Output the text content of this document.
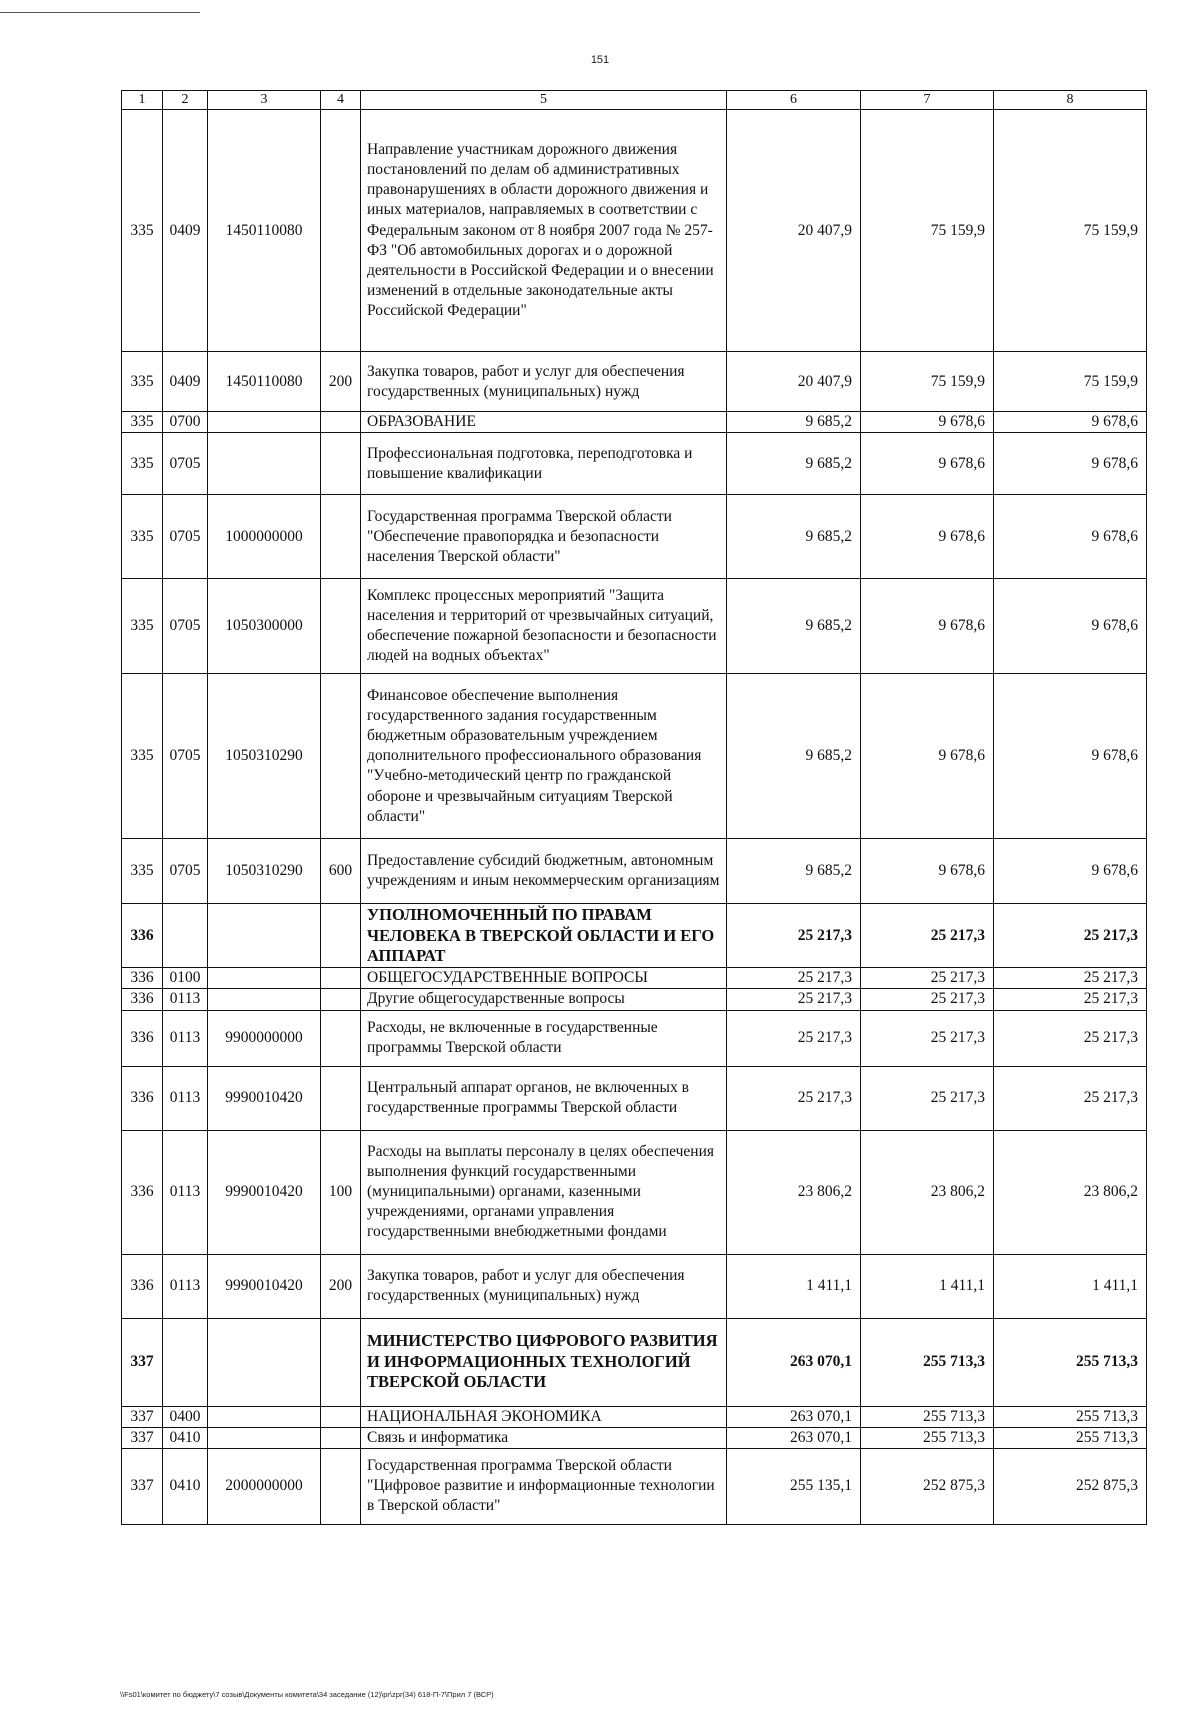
151
1	2	3	4	5	6	7	8
335	0409	1450110080		Направление участникам дорожного движения постановлений по делам об административных правонарушениях в области дорожного движения и иных материалов, направляемых в соответствии с Федеральным законом от 8 ноября 2007 года № 257-ФЗ "Об автомобильных дорогах и о дорожной деятельности в Российской Федерации и о внесении изменений в отдельные законодательные акты Российской Федерации"	20 407,9	75 159,9	75 159,9
335	0409	1450110080	200	Закупка товаров, работ и услуг для обеспечения государственных (муниципальных) нужд	20 407,9	75 159,9	75 159,9
335	0700			ОБРАЗОВАНИЕ	9 685,2	9 678,6	9 678,6
335	0705			Профессиональная подготовка, переподготовка и повышение квалификации	9 685,2	9 678,6	9 678,6
335	0705	1000000000		Государственная программа Тверской области "Обеспечение правопорядка и безопасности населения Тверской области"	9 685,2	9 678,6	9 678,6
335	0705	1050300000		Комплекс процессных мероприятий "Защита населения и территорий от чрезвычайных ситуаций, обеспечение пожарной безопасности и безопасности людей на водных объектах"	9 685,2	9 678,6	9 678,6
335	0705	1050310290		Финансовое обеспечение выполнения государственного задания государственным бюджетным образовательным учреждением дополнительного профессионального образования "Учебно-методический центр по гражданской обороне и чрезвычайным ситуациям Тверской области"	9 685,2	9 678,6	9 678,6
335	0705	1050310290	600	Предоставление субсидий бюджетным, автономным учреждениям и иным некоммерческим организациям	9 685,2	9 678,6	9 678,6
336				УПОЛНОМОЧЕННЫЙ ПО ПРАВАМ ЧЕЛОВЕКА В ТВЕРСКОЙ ОБЛАСТИ И ЕГО АППАРАТ	25 217,3	25 217,3	25 217,3
336	0100			ОБЩЕГОСУДАРСТВЕННЫЕ ВОПРОСЫ	25 217,3	25 217,3	25 217,3
336	0113			Другие общегосударственные вопросы	25 217,3	25 217,3	25 217,3
336	0113	9900000000		Расходы, не включенные в государственные программы Тверской области	25 217,3	25 217,3	25 217,3
336	0113	9990010420		Центральный аппарат органов, не включенных в государственные программы Тверской области	25 217,3	25 217,3	25 217,3
336	0113	9990010420	100	Расходы на выплаты персоналу в целях обеспечения выполнения функций государственными (муниципальными) органами, казенными учреждениями, органами управления государственными внебюджетными фондами	23 806,2	23 806,2	23 806,2
336	0113	9990010420	200	Закупка товаров, работ и услуг для обеспечения государственных (муниципальных) нужд	1 411,1	1 411,1	1 411,1
337				МИНИСТЕРСТВО ЦИФРОВОГО РАЗВИТИЯ И ИНФОРМАЦИОННЫХ ТЕХНОЛОГИЙ ТВЕРСКОЙ ОБЛАСТИ	263 070,1	255 713,3	255 713,3
337	0400			НАЦИОНАЛЬНАЯ ЭКОНОМИКА	263 070,1	255 713,3	255 713,3
337	0410			Связь и информатика	263 070,1	255 713,3	255 713,3
337	0410	2000000000		Государственная программа Тверской области "Цифровое развитие и информационные технологии в Тверской области"	255 135,1	252 875,3	252 875,3
\\Fs01\комитет по бюджету\7 созыв\Документы комитета\34 заседание (12)\pr\zpr(34) 618-П-7\Прил 7 (ВСР)
